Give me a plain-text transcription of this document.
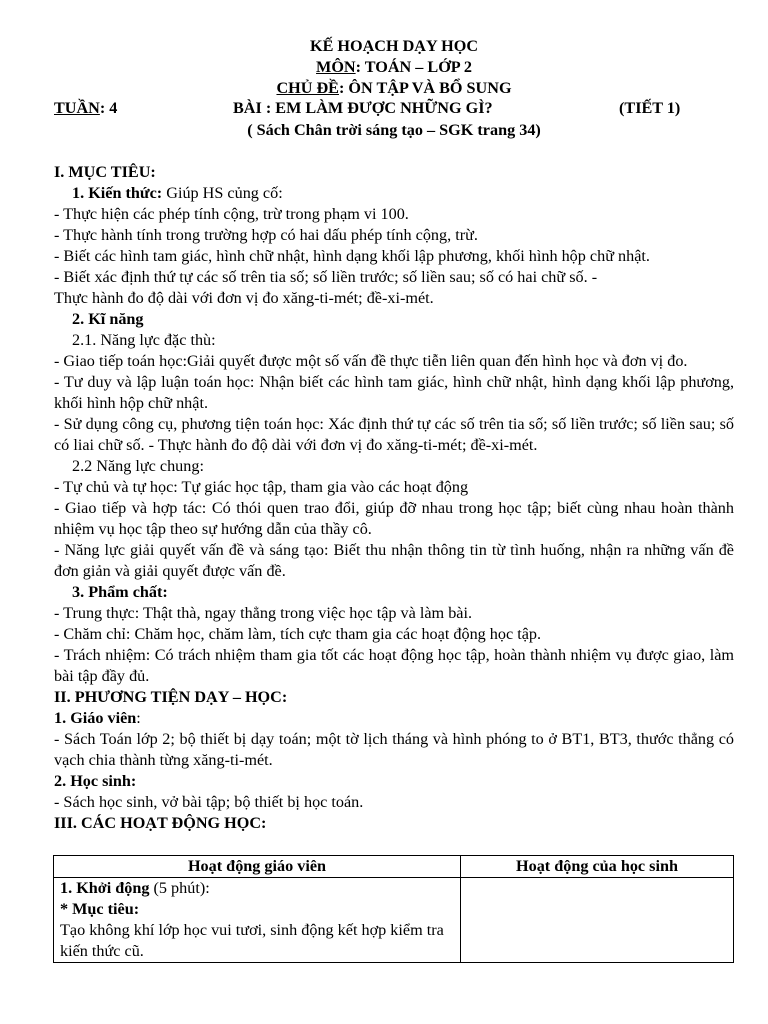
KẾ HOẠCH DẠY HỌC
MÔN: TOÁN – LỚP 2
CHỦ ĐỀ: ÔN TẬP VÀ BỔ SUNG
TUẦN: 4	BÀI : EM LÀM ĐƯỢC NHỮNG GÌ?	(TIẾT 1)
( Sách Chân trời sáng tạo – SGK trang 34)
I. MỤC TIÊU:
1. Kiến thức: Giúp HS củng cố:
- Thực hiện các phép tính cộng, trừ trong phạm vi 100.
- Thực hành tính trong trường hợp có hai dấu phép tính cộng, trừ.
- Biết các hình tam giác, hình chữ nhật, hình dạng khối lập phương, khối hình hộp chữ nhật.
- Biết xác định thứ tự các số trên tia số; số liền trước; số liền sau; số có hai chữ số. -
Thực hành đo độ dài với đơn vị đo xăng-ti-mét; đề-xi-mét.
2. Kĩ năng
2.1. Năng lực đặc thù:
- Giao tiếp toán học:Giải quyết được một số vấn đề thực tiễn liên quan đến hình học và đơn vị đo.
- Tư duy và lập luận toán học: Nhận biết các hình tam giác, hình chữ nhật, hình dạng khối lập phương, khối hình hộp chữ nhật.
- Sử dụng công cụ, phương tiện toán học: Xác định thứ tự các số trên tia số; số liền trước; số liền sau; số có liai chữ số. - Thực hành đo độ dài với đơn vị đo xăng-ti-mét; đề-xi-mét.
2.2 Năng lực chung:
- Tự chủ và tự học: Tự giác học tập, tham gia vào các hoạt động
- Giao tiếp và hợp tác: Có thói quen trao đổi, giúp đỡ nhau trong học tập; biết cùng nhau hoàn thành nhiệm vụ học tập theo sự hướng dẫn của thầy cô.
- Năng lực giải quyết vấn đề và sáng tạo: Biết thu nhận thông tin từ tình huống, nhận ra những vấn đề đơn giản và giải quyết được vấn đề.
3. Phẩm chất:
- Trung thực: Thật thà, ngay thẳng trong việc học tập và làm bài.
- Chăm chỉ: Chăm học, chăm làm, tích cực tham gia các hoạt động học tập.
- Trách nhiệm: Có trách nhiệm tham gia tốt các hoạt động học tập, hoàn thành nhiệm vụ được giao, làm bài tập đầy đủ.
II. PHƯƠNG TIỆN DẠY – HỌC:
1. Giáo viên:
- Sách Toán lớp 2; bộ thiết bị dạy toán; một tờ lịch tháng và hình phóng to ở BT1, BT3, thước thẳng có vạch chia thành từng xăng-ti-mét.
2. Học sinh:
- Sách học sinh, vở bài tập; bộ thiết bị học toán.
III. CÁC HOẠT ĐỘNG HỌC:
Hoạt động giáo viên	Hoạt động của học sinh

1. Khởi động (5 phút):
* Mục tiêu:
Tạo không khí lớp học vui tươi, sinh động kết hợp kiểm tra kiến thức cũ.	
